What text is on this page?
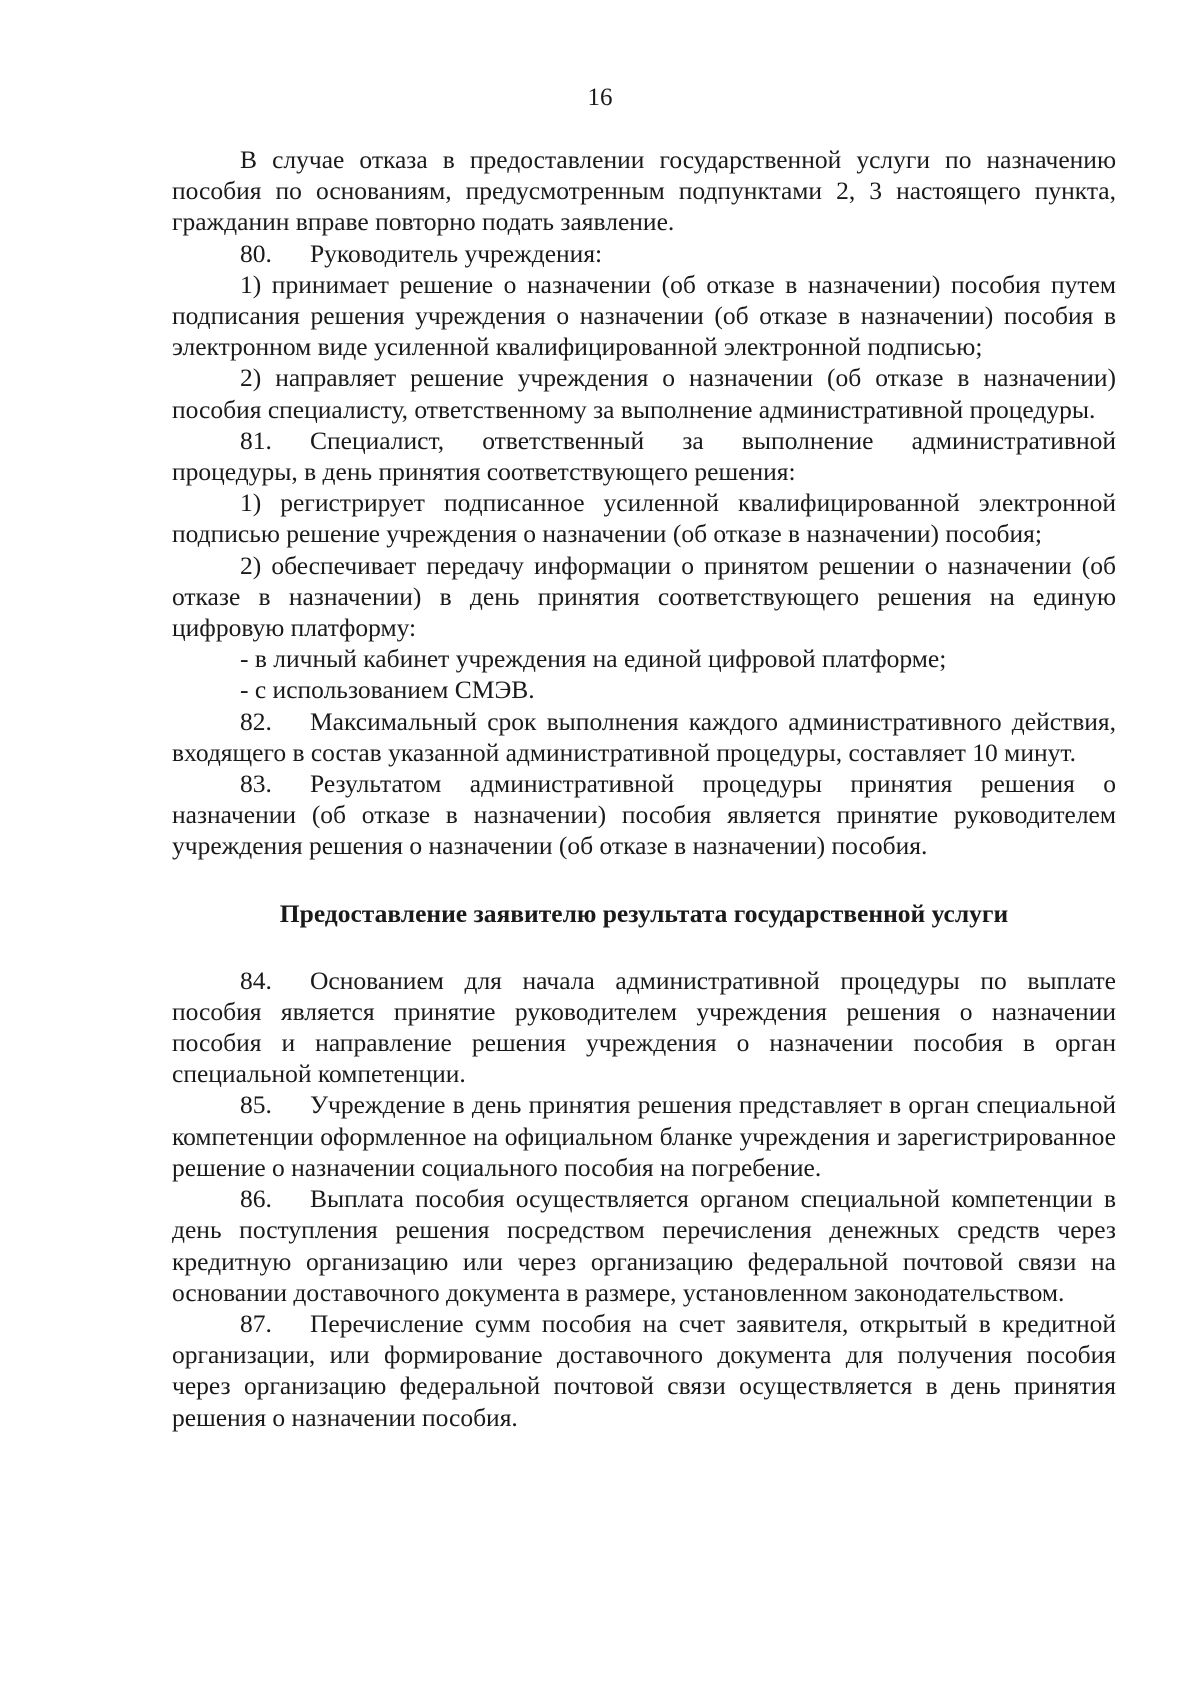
16

В случае отказа в предоставлении государственной услуги по назначению пособия по основаниям, предусмотренным подпунктами 2, 3 настоящего пункта, гражданин вправе повторно подать заявление.

80. Руководитель учреждения:

1) принимает решение о назначении (об отказе в назначении) пособия путем подписания решения учреждения о назначении (об отказе в назначении) пособия в электронном виде усиленной квалифицированной электронной подписью;

2) направляет решение учреждения о назначении (об отказе в назначении) пособия специалисту, ответственному за выполнение административной процедуры.

81. Специалист, ответственный за выполнение административной процедуры, в день принятия соответствующего решения:

1) регистрирует подписанное усиленной квалифицированной электронной подписью решение учреждения о назначении (об отказе в назначении) пособия;

2) обеспечивает передачу информации о принятом решении о назначении (об отказе в назначении) в день принятия соответствующего решения на единую цифровую платформу:

- в личный кабинет учреждения на единой цифровой платформе;

- с использованием СМЭВ.

82. Максимальный срок выполнения каждого административного действия, входящего в состав указанной административной процедуры, составляет 10 минут.

83. Результатом административной процедуры принятия решения о назначении (об отказе в назначении) пособия является принятие руководителем учреждения решения о назначении (об отказе в назначении) пособия.

Предоставление заявителю результата государственной услуги

84. Основанием для начала административной процедуры по выплате пособия является принятие руководителем учреждения решения о назначении пособия и направление решения учреждения о назначении пособия в орган специальной компетенции.

85. Учреждение в день принятия решения представляет в орган специальной компетенции оформленное на официальном бланке учреждения и зарегистрированное решение о назначении социального пособия на погребение.

86. Выплата пособия осуществляется органом специальной компетенции в день поступления решения посредством перечисления денежных средств через кредитную организацию или через организацию федеральной почтовой связи на основании доставочного документа в размере, установленном законодательством.

87. Перечисление сумм пособия на счет заявителя, открытый в кредитной организации, или формирование доставочного документа для получения пособия через организацию федеральной почтовой связи осуществляется в день принятия решения о назначении пособия.
